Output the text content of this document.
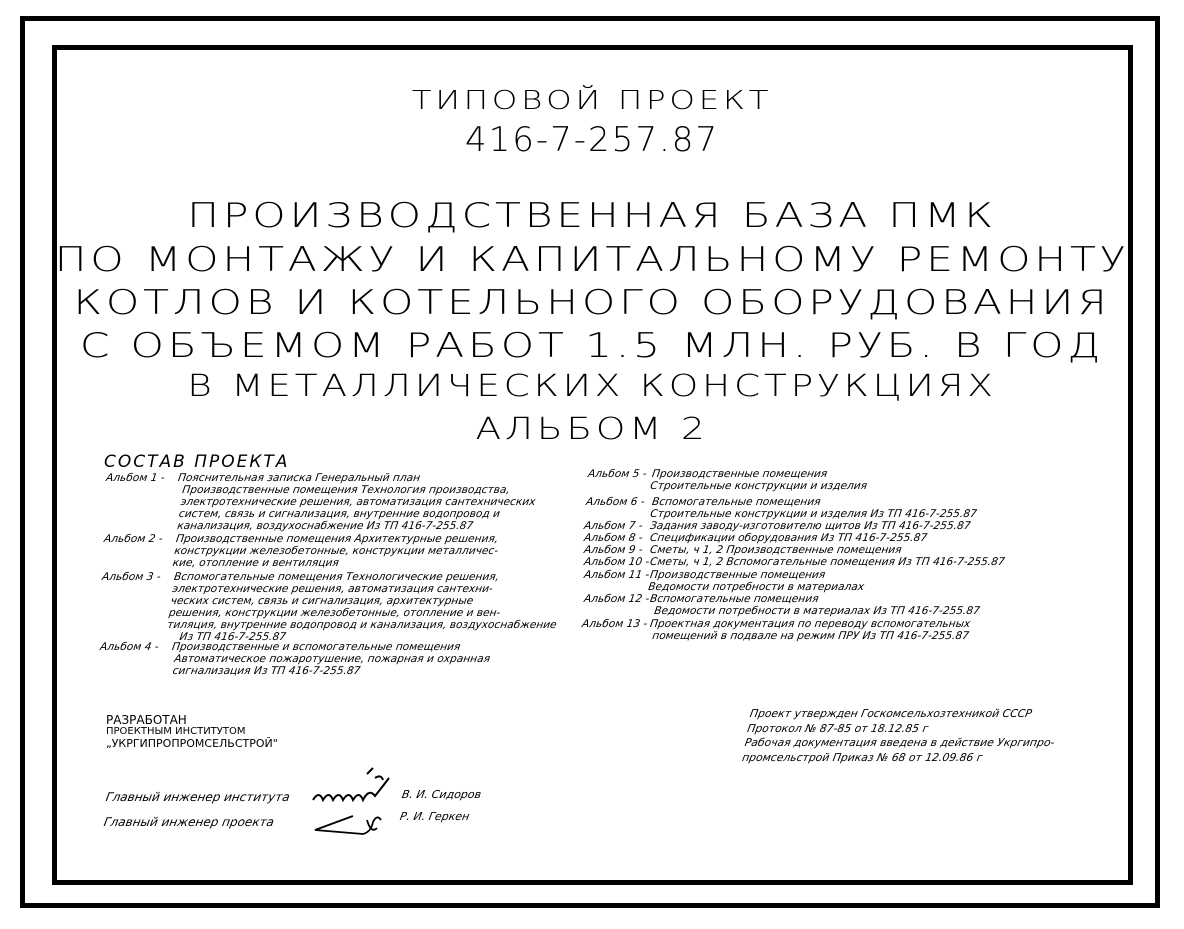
ТИПОВОЙ ПРОЕКТ
416-7-257.87
ПРОИЗВОДСТВЕННАЯ БАЗА ПМК
ПО МОНТАЖУ И КАПИТАЛЬНОМУ РЕМОНТУ
КОТЛОВ И КОТЕЛЬНОГО ОБОРУДОВАНИЯ
С ОБЪЕМОМ РАБОТ 1.5 МЛН. РУБ. В ГОД
В МЕТАЛЛИЧЕСКИХ КОНСТРУКЦИЯХ
АЛЬБОМ 2
СОСТАВ ПРОЕКТА
Альбом 1 - Пояснительная записка Генеральный план
Производственные помещения Технология производства,
электротехнические решения, автоматизация сантехнических
систем, связь и сигнализация, внутренние водопровод и
канализация, воздухоснабжение Из ТП 416-7-255.87
Альбом 2 - Производственные помещения Архитектурные решения,
конструкции железобетонные, конструкции металличес-
кие, отопление и вентиляция
Альбом 3 - Вспомогательные помещения Технологические решения,
электротехнические решения, автоматизация сантехни-
ческих систем, связь и сигнализация, архитектурные
решения, конструкции железобетонные, отопление и вен-
тиляция, внутренние водопровод и канализация, воздухоснабжение
Из ТП 416-7-255.87
Альбом 4 - Производственные и вспомогательные помещения
Автоматическое пожаротушение, пожарная и охранная
сигнализация Из ТП 416-7-255.87
Альбом 5 - Производственные помещения
Строительные конструкции и изделия
Альбом 6 - Вспомогательные помещения
Строительные конструкции и изделия Из ТП 416-7-255.87
Альбом 7 - Задания заводу-изготовителю щитов Из ТП 416-7-255.87
Альбом 8 - Спецификации оборудования Из ТП 416-7-255.87
Альбом 9 - Сметы, ч 1, 2 Производственные помещения
Альбом 10 - Сметы, ч 1, 2 Вспомогательные помещения Из ТП 416-7-255.87
Альбом 11 - Производственные помещения
Ведомости потребности в материалах
Альбом 12 - Вспомогательные помещения
Ведомости потребности в материалах Из ТП 416-7-255.87
Альбом 13 - Проектная документация по переводу вспомогательных
помещений в подвале на режим ПРУ Из ТП 416-7-255.87
РАЗРАБОТАН
ПРОЕКТНЫМ ИНСТИТУТОМ
„УКРГИПРОПРОМСЕЛЬСТРОЙ"
Главный инженер института
Главный инженер проекта
В. И. Сидоров
Р. И. Геркен
Проект утвержден Госкомсельхозтехникой СССР
Протокол № 87-85 от 18.12.85 г
Рабочая документация введена в действие Укргипро-
промсельстрой Приказ № 68 от 12.09.86 г
